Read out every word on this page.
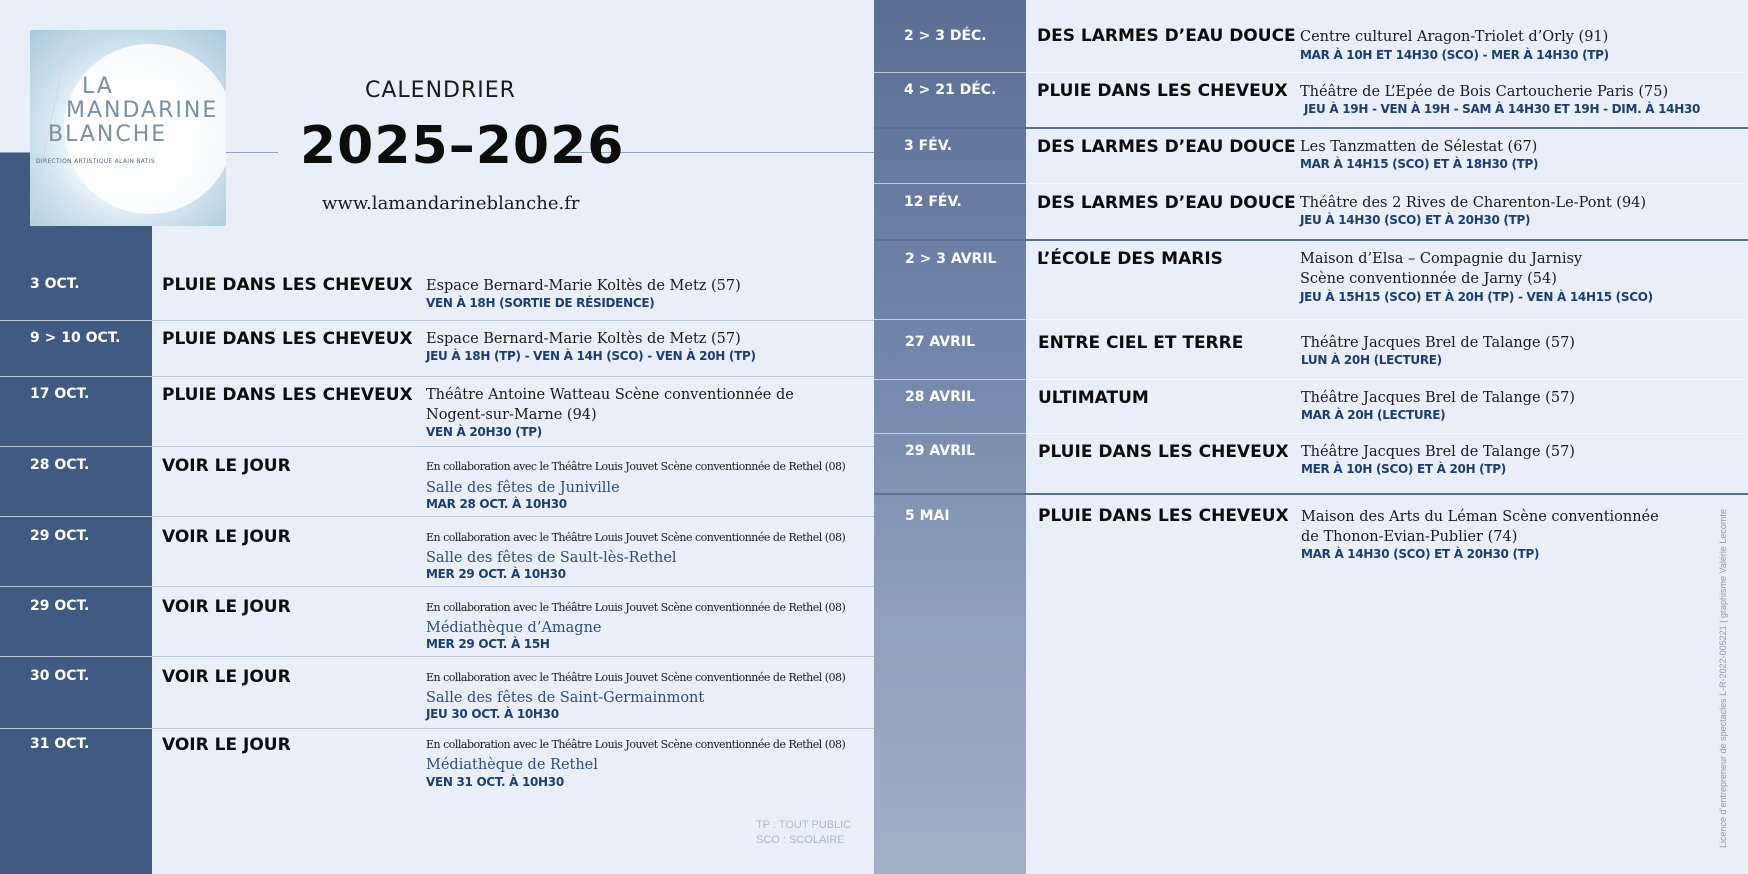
LA
MANDARINE
BLANCHE
DIRECTION ARTISTIQUE ALAIN BATIS
CALENDRIER
2025–2026
www.lamandarineblanche.fr
3 OCT.	PLUIE DANS LES CHEVEUX Espace Bernard-Marie Koltès de Metz (57)
VEN À 18H (SORTIE DE RÉSIDENCE)
9 > 10 OCT. PLUIE DANS LES CHEVEUX Espace Bernard-Marie Koltès de Metz (57)
JEU À 18H (TP) - VEN À 14H (SCO) - VEN À 20H (TP)
17 OCT.	PLUIE DANS LES CHEVEUX Théâtre Antoine Watteau Scène conventionnée de
Nogent-sur-Marne (94)
VEN À 20H30 (TP)
28 OCT.	VOIR LE JOUR	En collaboration avec le Théâtre Louis Jouvet Scène conventionnée de Rethel (08)
Salle des fêtes de Juniville
MAR 28 OCT. À 10H30
29 OCT.	VOIR LE JOUR	En collaboration avec le Théâtre Louis Jouvet Scène conventionnée de Rethel (08)
Salle des fêtes de Sault-lès-Rethel
MER 29 OCT. À 10H30
29 OCT.	VOIR LE JOUR	En collaboration avec le Théâtre Louis Jouvet Scène conventionnée de Rethel (08)
Médiathèque d’Amagne
MER 29 OCT. À 15H
30 OCT.	VOIR LE JOUR	En collaboration avec le Théâtre Louis Jouvet Scène conventionnée de Rethel (08)
Salle des fêtes de Saint-Germainmont
JEU 30 OCT. À 10H30
31 OCT.	VOIR LE JOUR	En collaboration avec le Théâtre Louis Jouvet Scène conventionnée de Rethel (08)
Médiathèque de Rethel
VEN 31 OCT. À 10H30
TP : TOUT PUBLIC
SCO : SCOLAIRE
2 > 3 DÉC.	DES LARMES D’EAU DOUCE Centre culturel Aragon-Triolet d’Orly (91)
MAR À 10H ET 14H30 (SCO) - MER À 14H30 (TP)
4 > 21 DÉC. PLUIE DANS LES CHEVEUX Théâtre de L’Epée de Bois Cartoucherie Paris (75)
JEU À 19H - VEN À 19H - SAM À 14H30 ET 19H - DIM. À 14H30
3 FÉV.	DES LARMES D’EAU DOUCE Les Tanzmatten de Sélestat (67)
MAR À 14H15 (SCO) ET À 18H30 (TP)
12 FÉV.	DES LARMES D’EAU DOUCE Théâtre des 2 Rives de Charenton-Le-Pont (94)
JEU À 14H30 (SCO) ET À 20H30 (TP)
2 > 3 AVRIL L’ÉCOLE DES MARIS	Maison d’Elsa – Compagnie du Jarnisy
Scène conventionnée de Jarny (54)
JEU À 15H15 (SCO) ET À 20H (TP) - VEN À 14H15 (SCO)
27 AVRIL	ENTRE CIEL ET TERRE	Théâtre Jacques Brel de Talange (57)
LUN À 20H (LECTURE)
28 AVRIL	ULTIMATUM	Théâtre Jacques Brel de Talange (57)
MAR À 20H (LECTURE)
29 AVRIL	PLUIE DANS LES CHEVEUX Théâtre Jacques Brel de Talange (57)
MER À 10H (SCO) ET À 20H (TP)
5 MAI	PLUIE DANS LES CHEVEUX Maison des Arts du Léman Scène conventionnée
de Thonon-Evian-Publier (74)
MAR À 14H30 (SCO) ET À 20H30 (TP)	Licence d’entrepreneur de spectacles L-R-2022-005221 | graphisme Valérie Lecomte
